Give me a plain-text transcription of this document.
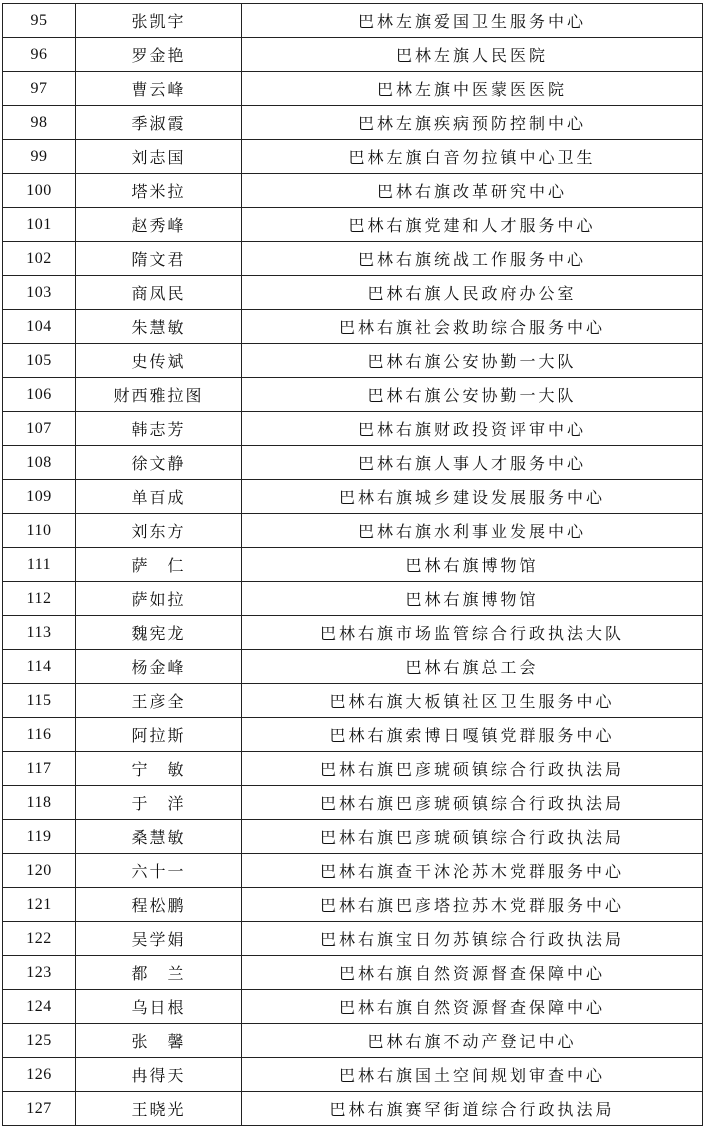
95	张凯宇	巴林左旗爱国卫生服务中心
96	罗金艳	巴林左旗人民医院
97	曹云峰	巴林左旗中医蒙医医院
98	季淑霞	巴林左旗疾病预防控制中心
99	刘志国	巴林左旗白音勿拉镇中心卫生
100	塔米拉	巴林右旗改革研究中心
101	赵秀峰	巴林右旗党建和人才服务中心
102	隋文君	巴林右旗统战工作服务中心
103	商凤民	巴林右旗人民政府办公室
104	朱慧敏	巴林右旗社会救助综合服务中心
105	史传斌	巴林右旗公安协勤一大队
106	财西雅拉图	巴林右旗公安协勤一大队
107	韩志芳	巴林右旗财政投资评审中心
108	徐文静	巴林右旗人事人才服务中心
109	单百成	巴林右旗城乡建设发展服务中心
110	刘东方	巴林右旗水利事业发展中心
111	萨　仁	巴林右旗博物馆
112	萨如拉	巴林右旗博物馆
113	魏宪龙	巴林右旗市场监管综合行政执法大队
114	杨金峰	巴林右旗总工会
115	王彦全	巴林右旗大板镇社区卫生服务中心
116	阿拉斯	巴林右旗索博日嘎镇党群服务中心
117	宁　敏	巴林右旗巴彦琥硕镇综合行政执法局
118	于　洋	巴林右旗巴彦琥硕镇综合行政执法局
119	桑慧敏	巴林右旗巴彦琥硕镇综合行政执法局
120	六十一	巴林右旗查干沐沦苏木党群服务中心
121	程松鹏	巴林右旗巴彦塔拉苏木党群服务中心
122	吴学娟	巴林右旗宝日勿苏镇综合行政执法局
123	都　兰	巴林右旗自然资源督查保障中心
124	乌日根	巴林右旗自然资源督查保障中心
125	张　馨	巴林右旗不动产登记中心
126	冉得天	巴林右旗国土空间规划审查中心
127	王晓光	巴林右旗赛罕街道综合行政执法局
